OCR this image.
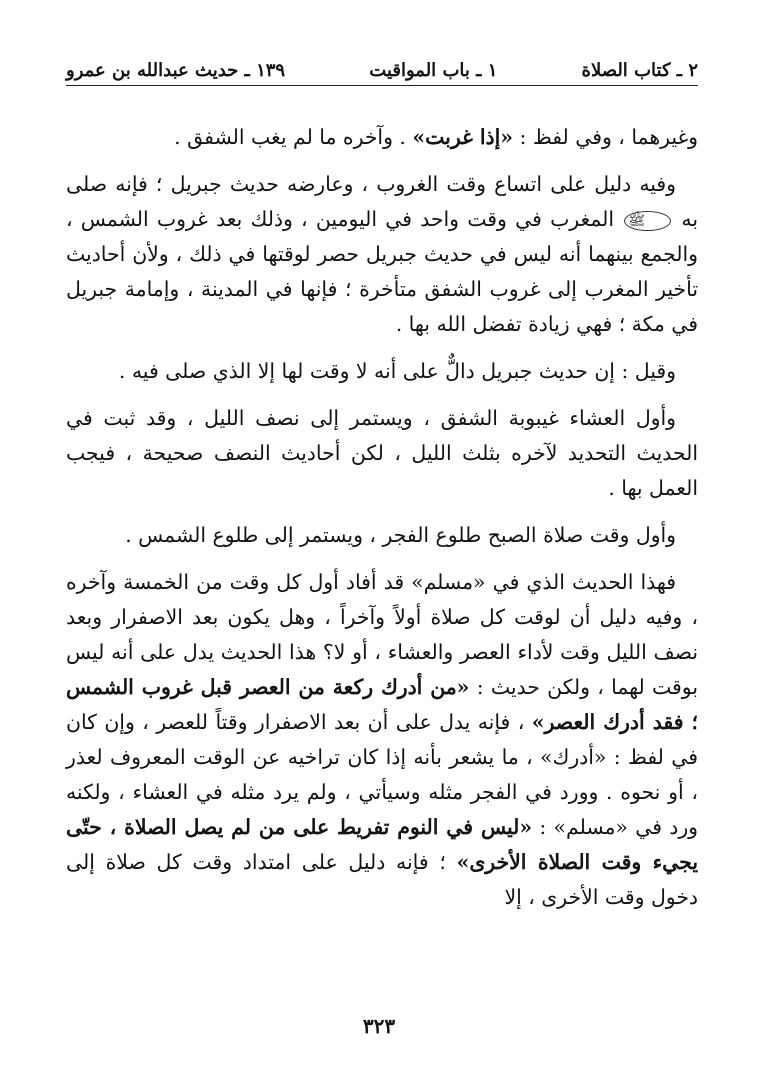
٢ ـ كتاب الصلاة
١ ـ باب المواقيت
١٣٩ ـ حديث عبدالله بن عمرو

وغيرهما ، وفي لفظ : «إذا غربت» . وآخره ما لم يغب الشفق .

وفيه دليل على اتساع وقت الغروب ، وعارضه حديث جبريل ؛ فإنه صلى به ﷺ المغرب في وقت واحد في اليومين ، وذلك بعد غروب الشمس ، والجمع بينهما أنه ليس في حديث جبريل حصر لوقتها في ذلك ، ولأن أحاديث تأخير المغرب إلى غروب الشفق متأخرة ؛ فإنها في المدينة ، وإمامة جبريل في مكة ؛ فهي زيادة تفضل الله بها .

وقيل : إن حديث جبريل دالٌّ على أنه لا وقت لها إلا الذي صلى فيه .

وأول العشاء غيبوبة الشفق ، ويستمر إلى نصف الليل ، وقد ثبت في الحديث التحديد لآخره بثلث الليل ، لكن أحاديث النصف صحيحة ، فيجب العمل بها .

وأول وقت صلاة الصبح طلوع الفجر ، ويستمر إلى طلوع الشمس .

فهذا الحديث الذي في «مسلم» قد أفاد أول كل وقت من الخمسة وآخره ، وفيه دليل أن لوقت كل صلاة أولاً وآخراً ، وهل يكون بعد الاصفرار وبعد نصف الليل وقت لأداء العصر والعشاء ، أو لا؟ هذا الحديث يدل على أنه ليس بوقت لهما ، ولكن حديث : «من أدرك ركعة من العصر قبل غروب الشمس ؛ فقد أدرك العصر» ، فإنه يدل على أن بعد الاصفرار وقتاً للعصر ، وإن كان في لفظ : «أدرك» ، ما يشعر بأنه إذا كان تراخيه عن الوقت المعروف لعذر ، أو نحوه . وورد في الفجر مثله وسيأتي ، ولم يرد مثله في العشاء ، ولكنه ورد في «مسلم» : «ليس في النوم تفريط على من لم يصل الصلاة ، حتّى يجيء وقت الصلاة الأخرى» ؛ فإنه دليل على امتداد وقت كل صلاة إلى دخول وقت الأخرى ، إلا

٣٢٣
